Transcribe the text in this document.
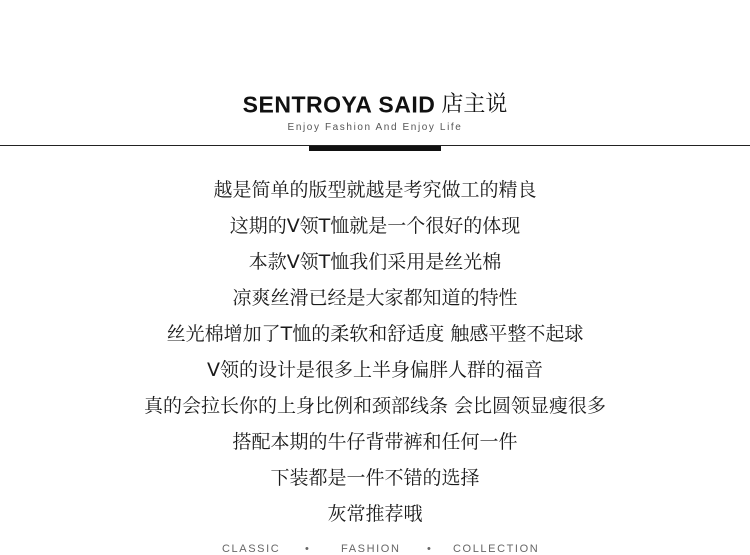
SENTROYA SAID 店主说
Enjoy Fashion And Enjoy Life
越是简单的版型就越是考究做工的精良
这期的V领T恤就是一个很好的体现
本款V领T恤我们采用是丝光棉
凉爽丝滑已经是大家都知道的特性
丝光棉增加了T恤的柔软和舒适度 触感平整不起球
V领的设计是很多上半身偏胖人群的福音
真的会拉长你的上身比例和颈部线条 会比圆领显瘦很多
搭配本期的牛仔背带裤和任何一件
下装都是一件不错的选择
灰常推荐哦
CLASSIC •	FASHION • COLLECTION
